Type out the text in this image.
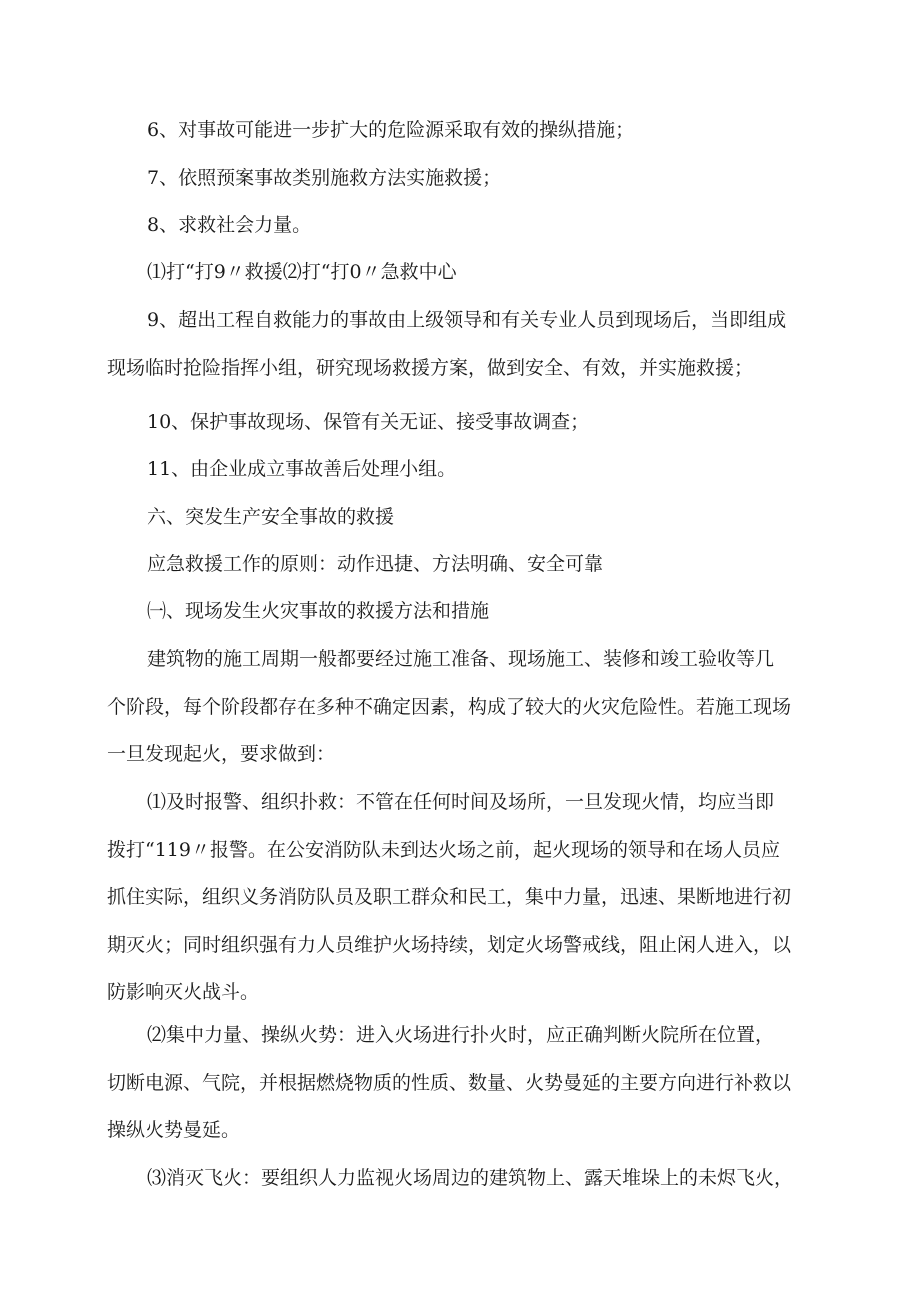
6、对事故可能进一步扩大的危险源采取有效的操纵措施；

7、依照预案事故类别施救方法实施救援；

8、求救社会力量。

⑴打“打9〃救援⑵打“打0〃急救中心

9、超出工程自救能力的事故由上级领导和有关专业人员到现场后，当即组成
现场临时抢险指挥小组，研究现场救援方案，做到安全、有效，并实施救援；

10、保护事故现场、保管有关无证、接受事故调查；

11、由企业成立事故善后处理小组。

六、突发生产安全事故的救援

应急救援工作的原则：动作迅捷、方法明确、安全可靠

㈠、现场发生火灾事故的救援方法和措施

建筑物的施工周期一般都要经过施工准备、现场施工、装修和竣工验收等几
个阶段，每个阶段都存在多种不确定因素，构成了较大的火灾危险性。若施工现场
一旦发现起火，要求做到：

⑴及时报警、组织扑救：不管在任何时间及场所，一旦发现火情，均应当即
拨打“119〃报警。在公安消防队未到达火场之前，起火现场的领导和在场人员应
抓住实际，组织义务消防队员及职工群众和民工，集中力量，迅速、果断地进行初
期灭火；同时组织强有力人员维护火场持续，划定火场警戒线，阻止闲人进入，以
防影响灭火战斗。

⑵集中力量、操纵火势：进入火场进行扑火时，应正确判断火院所在位置，
切断电源、气院，并根据燃烧物质的性质、数量、火势曼延的主要方向进行补救以
操纵火势曼延。

⑶消灭飞火：要组织人力监视火场周边的建筑物上、露天堆垛上的未烬飞火，
